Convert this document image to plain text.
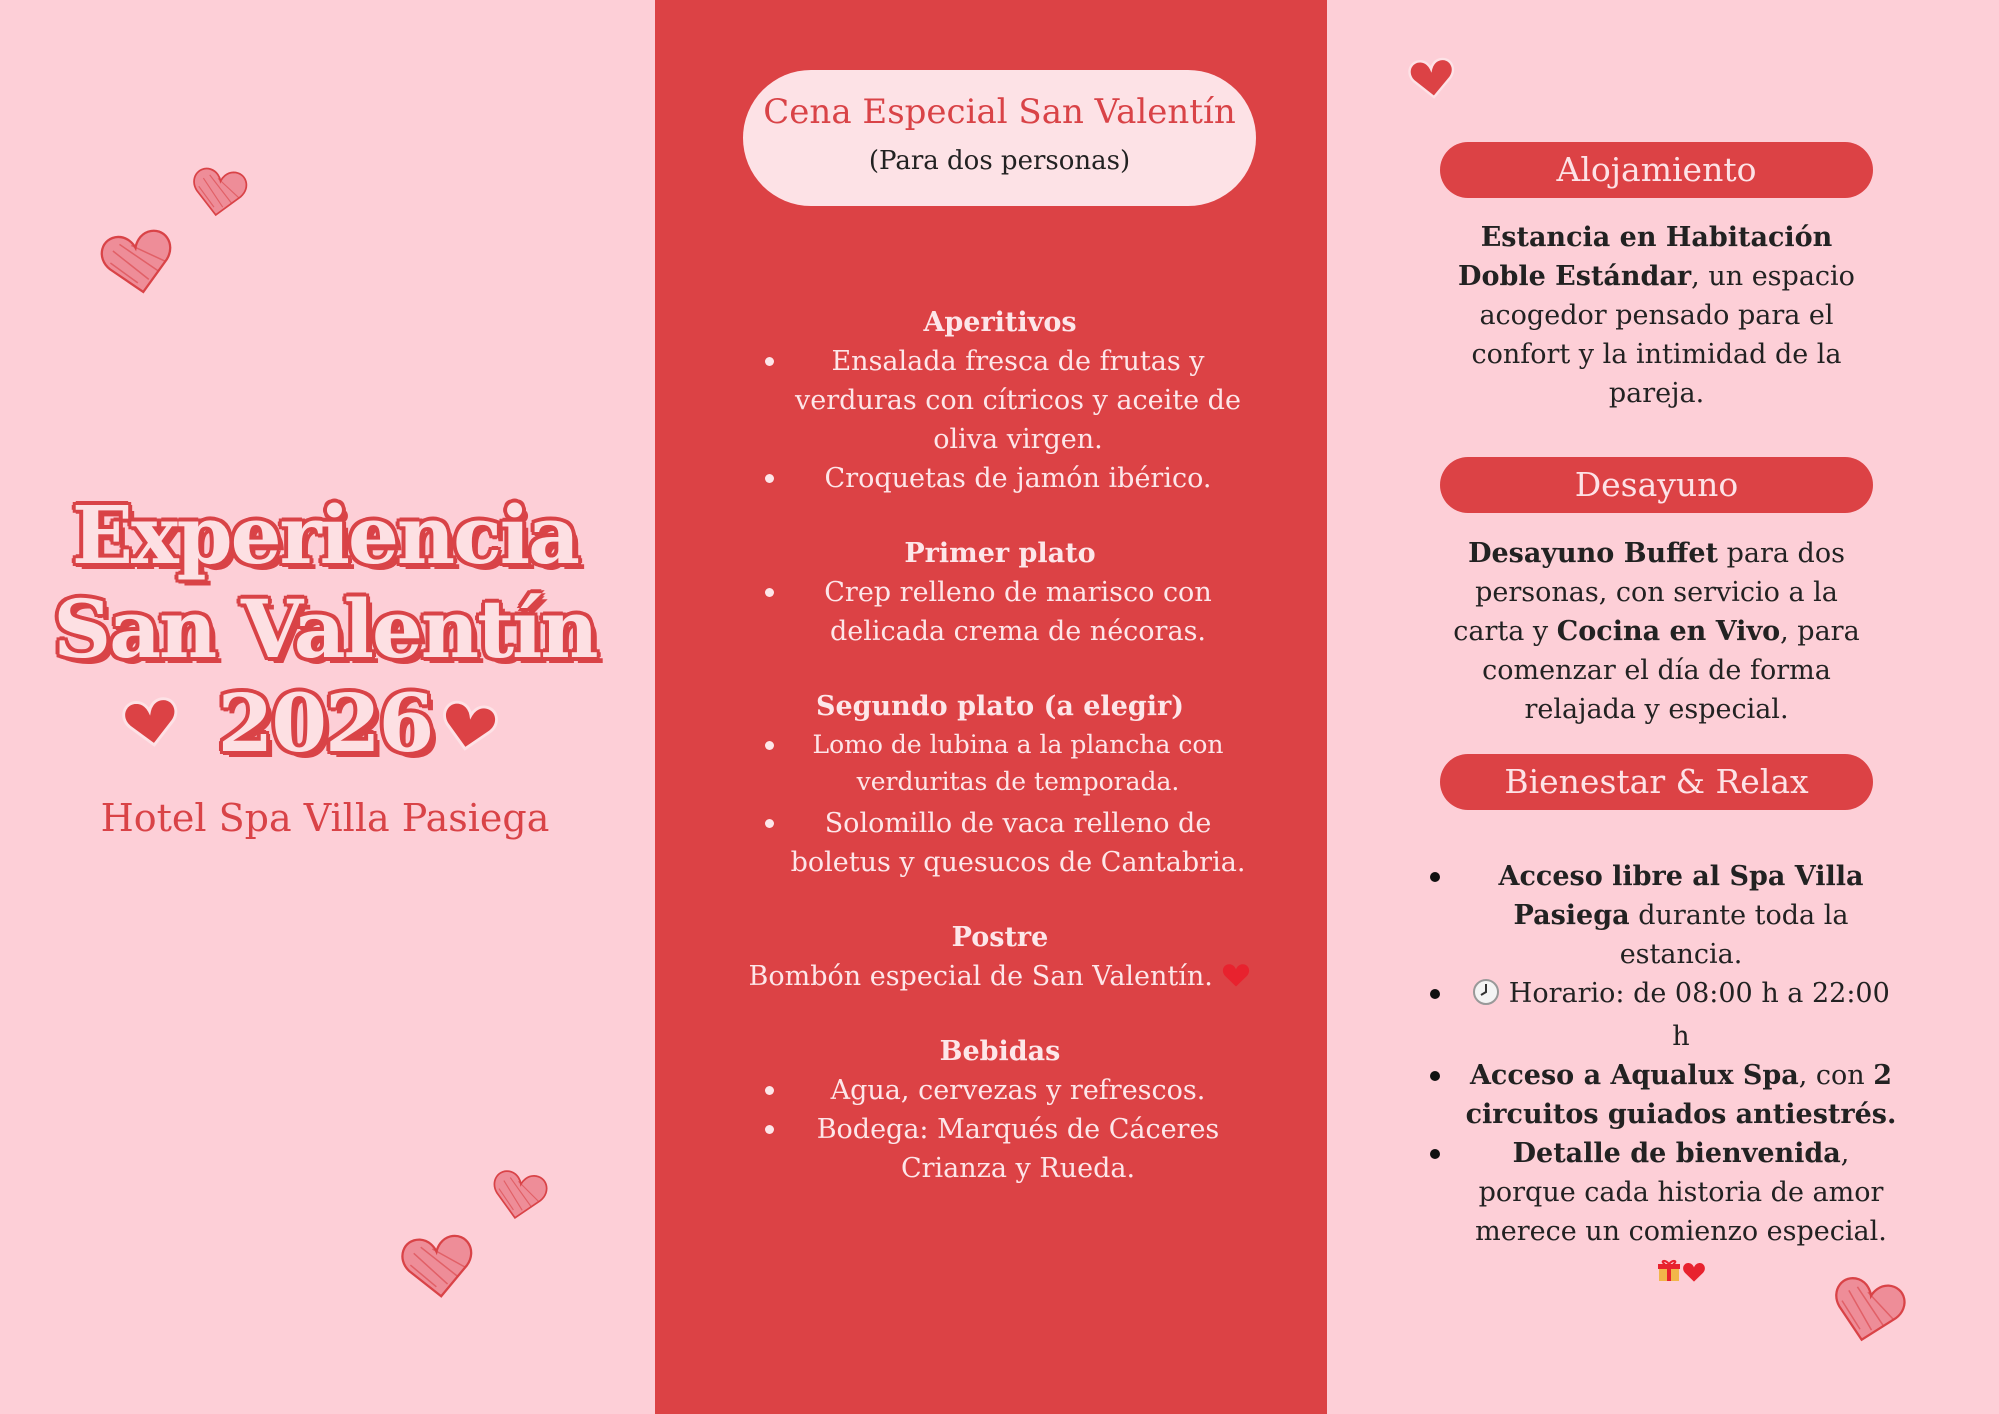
Experiencia
San Valentín
2026
Hotel Spa Villa Pasiega
Cena Especial San Valentín
(Para dos personas)
Aperitivos
Ensalada fresca de frutas y verduras con cítricos y aceite de oliva virgen.
Croquetas de jamón ibérico.
Primer plato
Crep relleno de marisco con delicada crema de nécoras.
Segundo plato (a elegir)
Lomo de lubina a la plancha con verduritas de temporada.
Solomillo de vaca relleno de boletus y quesucos de Cantabria.
Postre
Bombón especial de San Valentín.
Bebidas
Agua, cervezas y refrescos.
Bodega: Marqués de Cáceres Crianza y Rueda.
Alojamiento
Estancia en Habitación Doble Estándar, un espacio acogedor pensado para el confort y la intimidad de la pareja.
Desayuno
Desayuno Buffet para dos personas, con servicio a la carta y Cocina en Vivo, para comenzar el día de forma relajada y especial.
Bienestar & Relax
Acceso libre al Spa Villa Pasiega durante toda la estancia.
Horario: de 08:00 h a 22:00 h
Acceso a Aqualux Spa, con 2 circuitos guiados antiestrés.
Detalle de bienvenida, porque cada historia de amor merece un comienzo especial.
